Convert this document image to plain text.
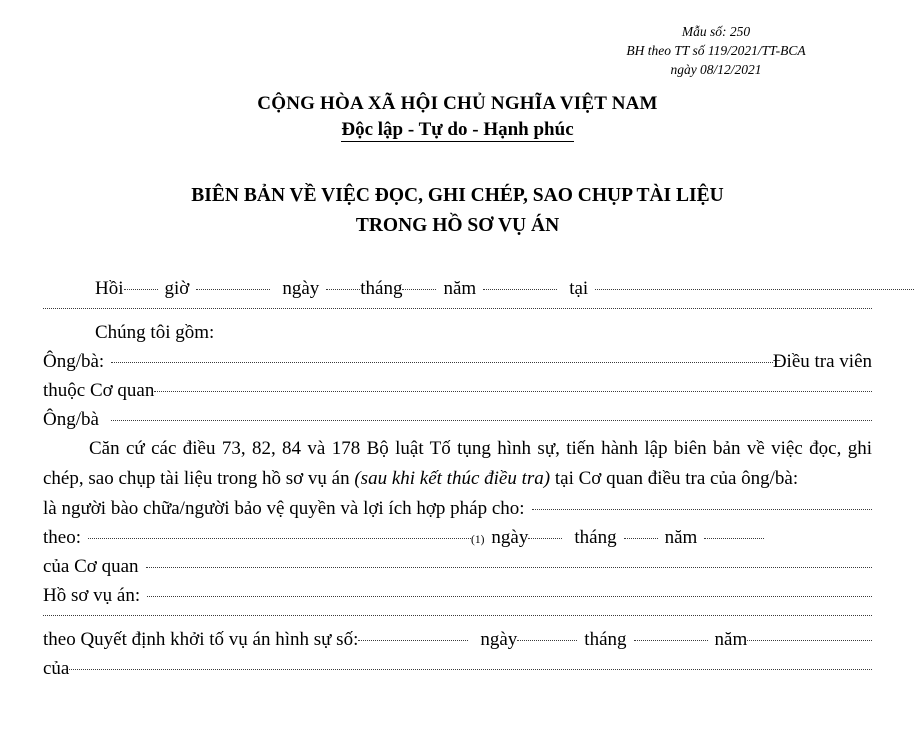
Mẫu số: 250
BH theo TT số 119/2021/TT-BCA
ngày 08/12/2021
CỘNG HÒA XÃ HỘI CHỦ NGHĨA VIỆT NAM
Độc lập - Tự do - Hạnh phúc
BIÊN BẢN VỀ VIỆC ĐỌC, GHI CHÉP, SAO CHỤP TÀI LIỆU
TRONG HỒ SƠ VỤ ÁN
Hồi giờ	ngày tháng năm	tại
Chúng tôi gồm:
Ông/bà:	Điều tra viên
thuộc Cơ quan
Ông/bà
Căn cứ các điều 73, 82, 84 và 178 Bộ luật Tố tụng hình sự, tiến hành lập biên bản về việc đọc, ghi chép, sao chụp tài liệu trong hồ sơ vụ án (sau khi kết thúc điều tra) tại Cơ quan điều tra của ông/bà:
là người bào chữa/người bảo vệ quyền và lợi ích hợp pháp cho:
theo:	(1) ngày tháng	năm
của Cơ quan
Hồ sơ vụ án:
theo Quyết định khởi tố vụ án hình sự số:	ngày	tháng	năm
của
